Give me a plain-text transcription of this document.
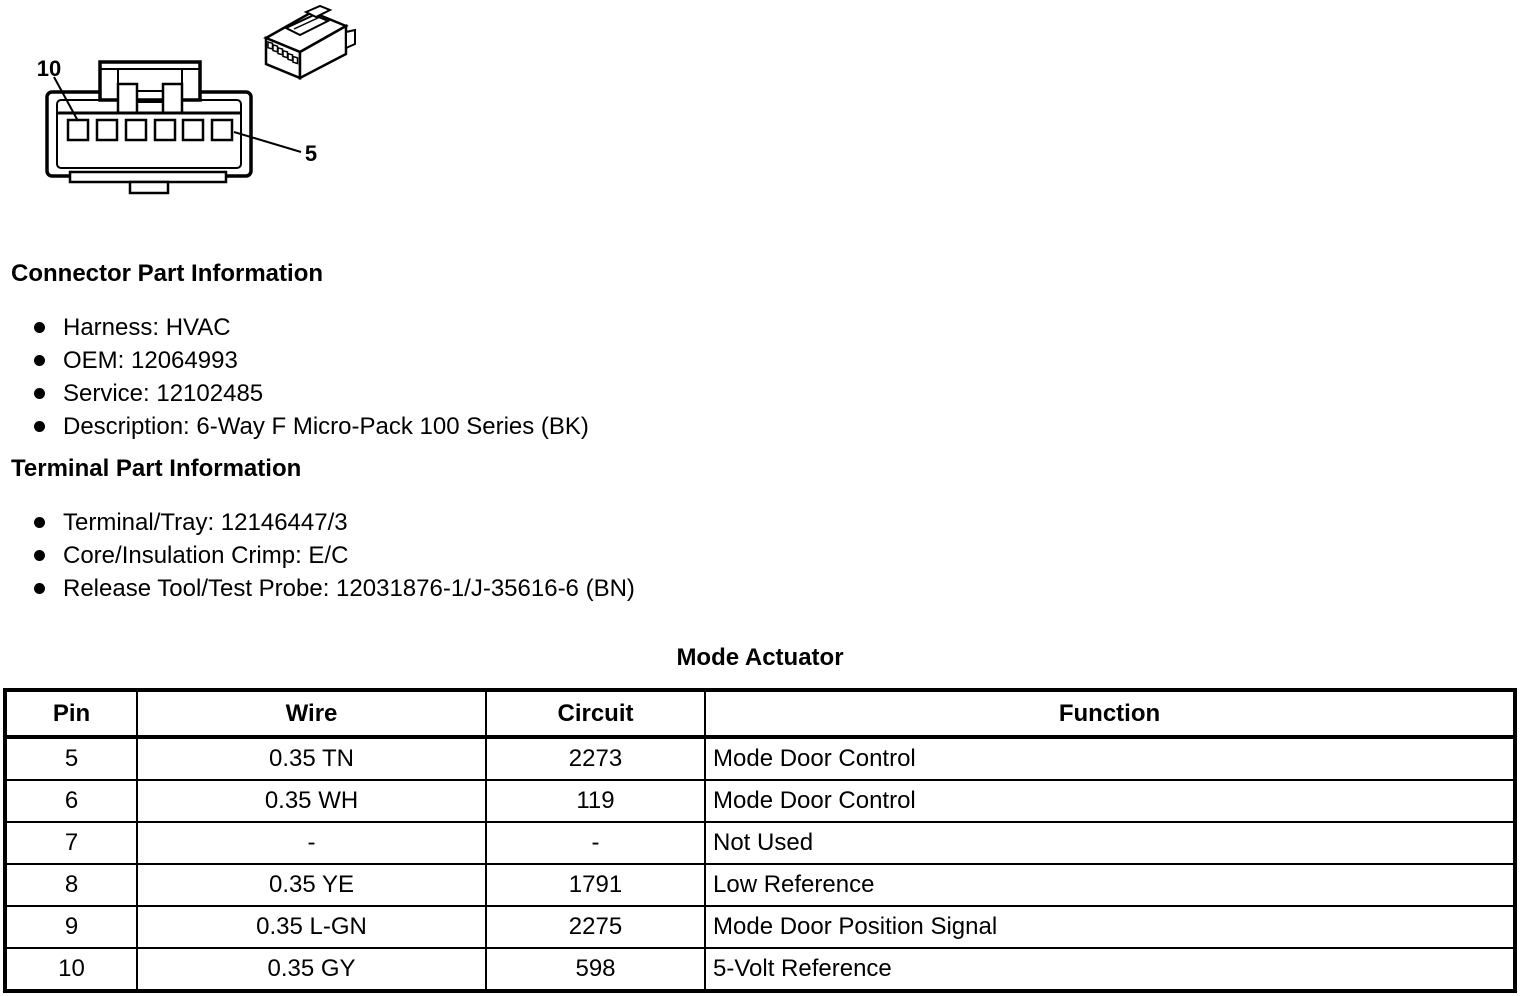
10
5
Connector Part Information
Harness: HVAC
OEM: 12064993
Service: 12102485
Description: 6-Way F Micro-Pack 100 Series (BK)
Terminal Part Information
Terminal/Tray: 12146447/3
Core/Insulation Crimp: E/C
Release Tool/Test Probe: 12031876-1/J-35616-6 (BN)
Mode Actuator
Pin	Wire	Circuit	Function
5	0.35 TN	2273	Mode Door Control
6	0.35 WH	119	Mode Door Control
7	-	-	Not Used
8	0.35 YE	1791	Low Reference
9	0.35 L-GN	2275	Mode Door Position Signal
10	0.35 GY	598	5-Volt Reference
